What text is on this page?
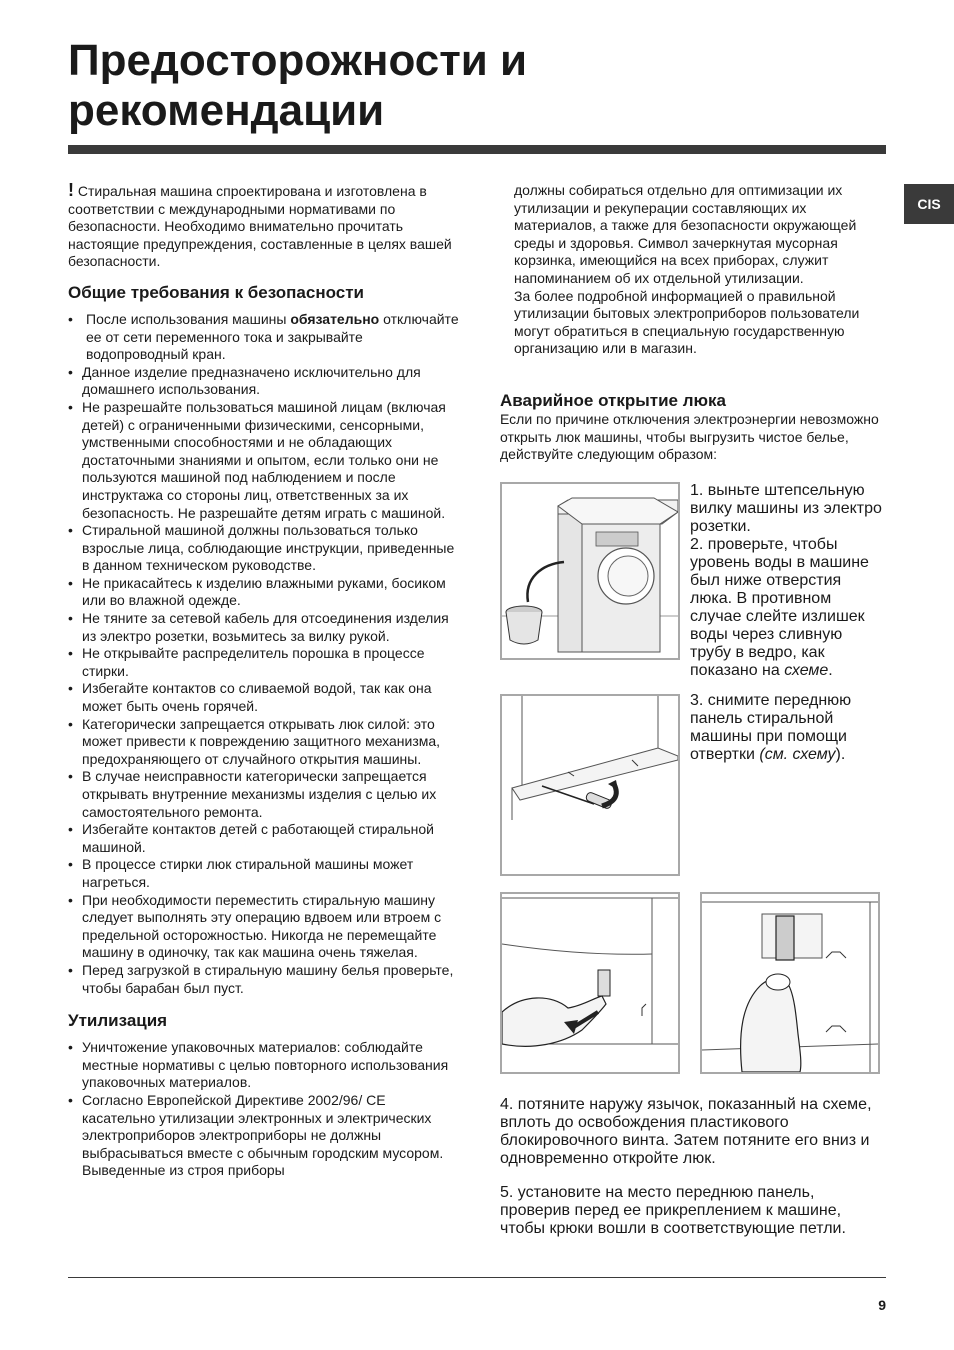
Предосторожности и
рекомендации
CIS

! Стиральная машина спроектирована и изготовлена в соответствии с международными нормативами по безопасности. Необходимо внимательно прочитать настоящие предупреждения, составленные в целях вашей безопасности.

Общие требования к безопасности
• После использования машины обязательно отключайте ее от сети переменного тока и закрывайте водопроводный кран.
• Данное изделие предназначено исключительно для домашнего использования.
• Не разрешайте пользоваться машиной лицам (включая детей) с ограниченными физическими, сенсорными, умственными способностями и не обладающих достаточными знаниями и опытом, если только они не пользуются машиной под наблюдением и после инструктажа со стороны лиц, ответственных за их безопасность. Не разрешайте детям играть с машиной.
• Стиральной машиной должны пользоваться только взрослые лица, соблюдающие инструкции, приведенные в данном техническом руководстве.
• Не прикасайтесь к изделию влажными руками, босиком или во влажной одежде.
• Не тяните за сетевой кабель для отсоединения изделия из электро розетки, возьмитесь за вилку рукой.
• Не открывайте распределитель порошка в процессе стирки.
• Избегайте контактов со сливаемой водой, так как она может быть очень горячей.
• Категорически запрещается открывать люк силой: это может привести к повреждению защитного механизма, предохраняющего от случайного открытия машины.
• В случае неисправности категорически запрещается открывать внутренние механизмы изделия с целью их самостоятельного ремонта.
• Избегайте контактов детей с работающей стиральной машиной.
• В процессе стирки люк стиральной машины может нагреться.
• При необходимости переместить стиральную машину следует выполнять эту операцию вдвоем или втроем с предельной осторожностью. Никогда не перемещайте машину в одиночку, так как машина очень тяжелая.
• Перед загрузкой в стиральную машину белья проверьте, чтобы барабан был пуст.
Утилизация
• Уничтожение упаковочных материалов: соблюдайте местные нормативы с целью повторного использования упаковочных материалов.
• Согласно Европейской Директиве 2002/96/ CE касательно утилизации электронных и электрических электроприборов электроприборы не должны выбрасываться вместе с обычным городским мусором. Выведенные из строя приборы

должны собираться отдельно для оптимизации их утилизации и рекуперации составляющих их материалов, а также для безопасности окружающей среды и здоровья. Символ зачеркнутая мусорная корзинка, имеющийся на всех приборах, служит напоминанием об их отдельной утилизации.

За более подробной информацией о правильной утилизации бытовых электроприборов пользователи могут обратиться в специальную государственную организацию или в магазин.

Аварийное открытие люка

Если по причине отключения электроэнергии невозможно открыть люк машины, чтобы выгрузить чистое белье, действуйте следующим образом:

1. выньте штепсельную вилку машины из электро розетки.

2. проверьте, чтобы уровень воды в машине был ниже отверстия люка. В противном случае слейте излишек воды через сливную трубу в ведро, как показано на схеме.

3. снимите переднюю панель стиральной машины при помощи отвертки (см. схему).

4. потяните наружу язычок, показанный на схеме, вплоть до освобождения пластикового блокировочного винта. Затем потяните его вниз и одновременно откройте люк.

5. установите на место переднюю панель, проверив перед ее прикреплением к машине, чтобы крюки вошли в соответствующие петли.

9
